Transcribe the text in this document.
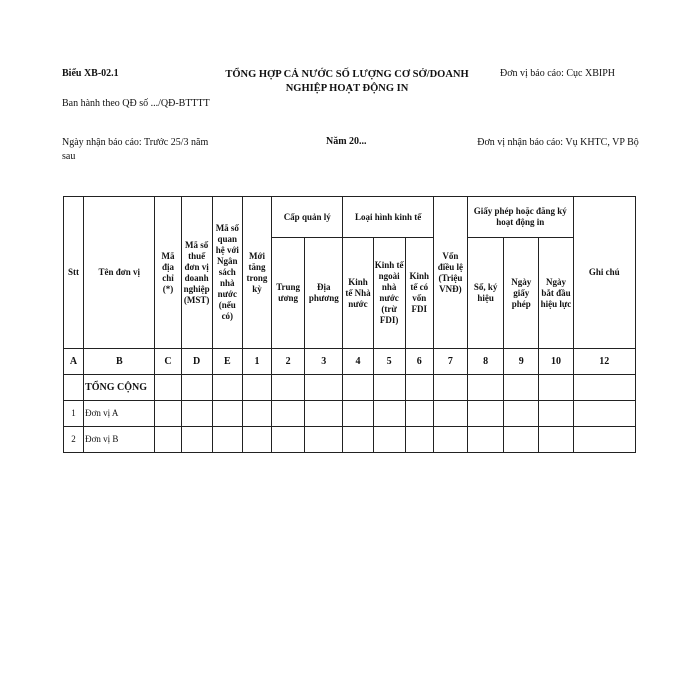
Biểu XB-02.1	TỔNG HỢP CẢ NƯỚC SỐ LƯỢNG CƠ SỞ/DOANH NGHIỆP HOẠT ĐỘNG IN
Đơn vị báo cáo: Cục XBIPH
Ban hành theo QĐ số .../QĐ-BTTTT
Ngày nhận báo cáo: Trước 25/3 năm sau
Năm 20...	Đơn vị nhận báo cáo: Vụ KHTC, VP Bộ
Stt	Tên đơn vị	Mã địa chỉ (*)	Mã số thuế đơn vị doanh nghiệp (MST)	Mã số quan hệ với Ngân sách nhà nước (nếu có)	Mới tăng trong kỳ	Cấp quản lý		Loại hình kinh tế			Vốn điều lệ (Triệu VNĐ)	Giấy phép hoặc đăng ký hoạt động in			Ghi chú
						Trung ương	Địa phương	Kinh tế Nhà nước	Kinh tế ngoài nhà nước (trừ FDI)	Kinh tế có vốn FDI		Số, ký hiệu	Ngày giấy phép	Ngày bắt đầu hiệu lực	
A	B	C	D	E	1	2	3	4	5	6	7	8	9	10	12
	TỔNG CỘNG														
1	Đơn vị A														
2	Đơn vị B														
